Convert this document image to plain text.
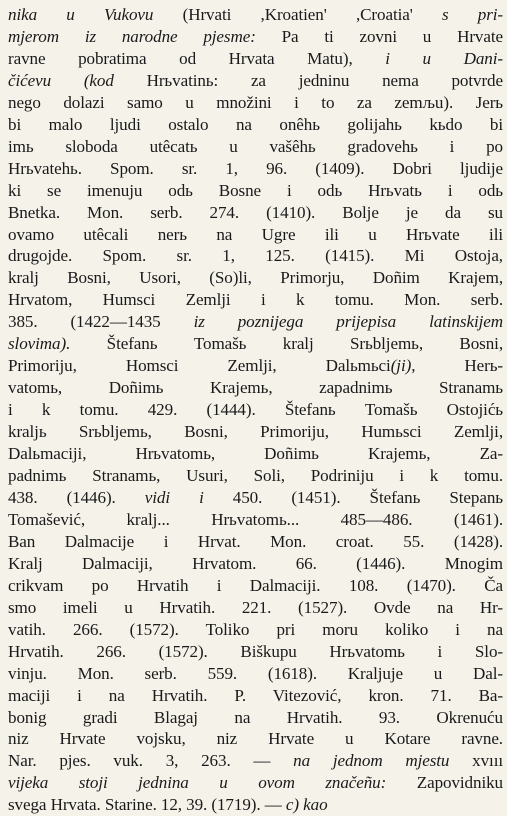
nika u Vukovu (Hrvati ,Kroatien' ,Croatia' s pri-
mjerom iz narodne pjesme: Pa ti zovni u Hrvate
ravne pobratima od Hrvata Matu), i u Dani-
čićevu (kod Hrьvatinь: za jedninu nema potvrde
nego dolazi samo u množini i to za zemљu). Jerь
bi malo ljudi ostalo na onêhь golijahь kьdo bi
imь sloboda utêcatь u vašêhь gradovehь i po
Hrьvatehь. Spom. sr. 1, 96. (1409). Dobri ljudije
ki se imenuju odь Bosne i odь Hrьvatь i odь
Bnetka. Mon. serb. 274. (1410). Bolje je da su
ovamo utêcali nerь na Ugre ili u Hrьvate ili
drugojde. Spom. sr. 1, 125. (1415). Mi Ostoja,
kralj Bosni, Usori, (So)li, Primorju, Doñim Krajem,
Hrvatom, Humsci Zemlji i k tomu. Mon. serb.
385. (1422—1435 iz poznijega prijepisa latinskijem
slovima). Štefanь Tomašь kralj Srьbljemь, Bosni,
Primoriju, Homsci Zemlji, Dalьmьci(ji), Herь-
vatomь, Doñimь Krajemь, zapadnimь Stranamь
i k tomu. 429. (1444). Štefanь Tomašь Ostojićь
kraljь Srьbljemь, Bosni, Primoriju, Humьsci Zemlji,
Dalьmaciji, Hrьvatomь, Doñimь Krajemь, Za-
padnimь Stranamь, Usuri, Soli, Podriniju i k tomu.
438. (1446). vidi i 450. (1451). Štefanь Stepanь
Tomašević, kralj... Hrьvatomь... 485—486. (1461).
Ban Dalmacije i Hrvat. Mon. croat. 55. (1428).
Kralj Dalmaciji, Hrvatom. 66. (1446). Mnogim
crikvam po Hrvatih i Dalmaciji. 108. (1470). Ča
smo imeli u Hrvatih. 221. (1527). Ovde na Hr-
vatih. 266. (1572). Toliko pri moru koliko i na
Hrvatih. 266. (1572). Biškupu Hrьvatomь i Slo-
vinju. Mon. serb. 559. (1618). Kraljuje u Dal-
maciji i na Hrvatih. P. Vitezović, kron. 71. Ba-
bonig gradi Blagaj na Hrvatih. 93. Okrenuću
niz Hrvate vojsku, niz Hrvate u Kotare ravne.
Nar. pjes. vuk. 3, 263. — na jednom mjestu xvııı
vijeka stoji jednina u ovom značeñu: Zapovidniku
svega Hrvata. Starine. 12, 39. (1719). — c) kao
